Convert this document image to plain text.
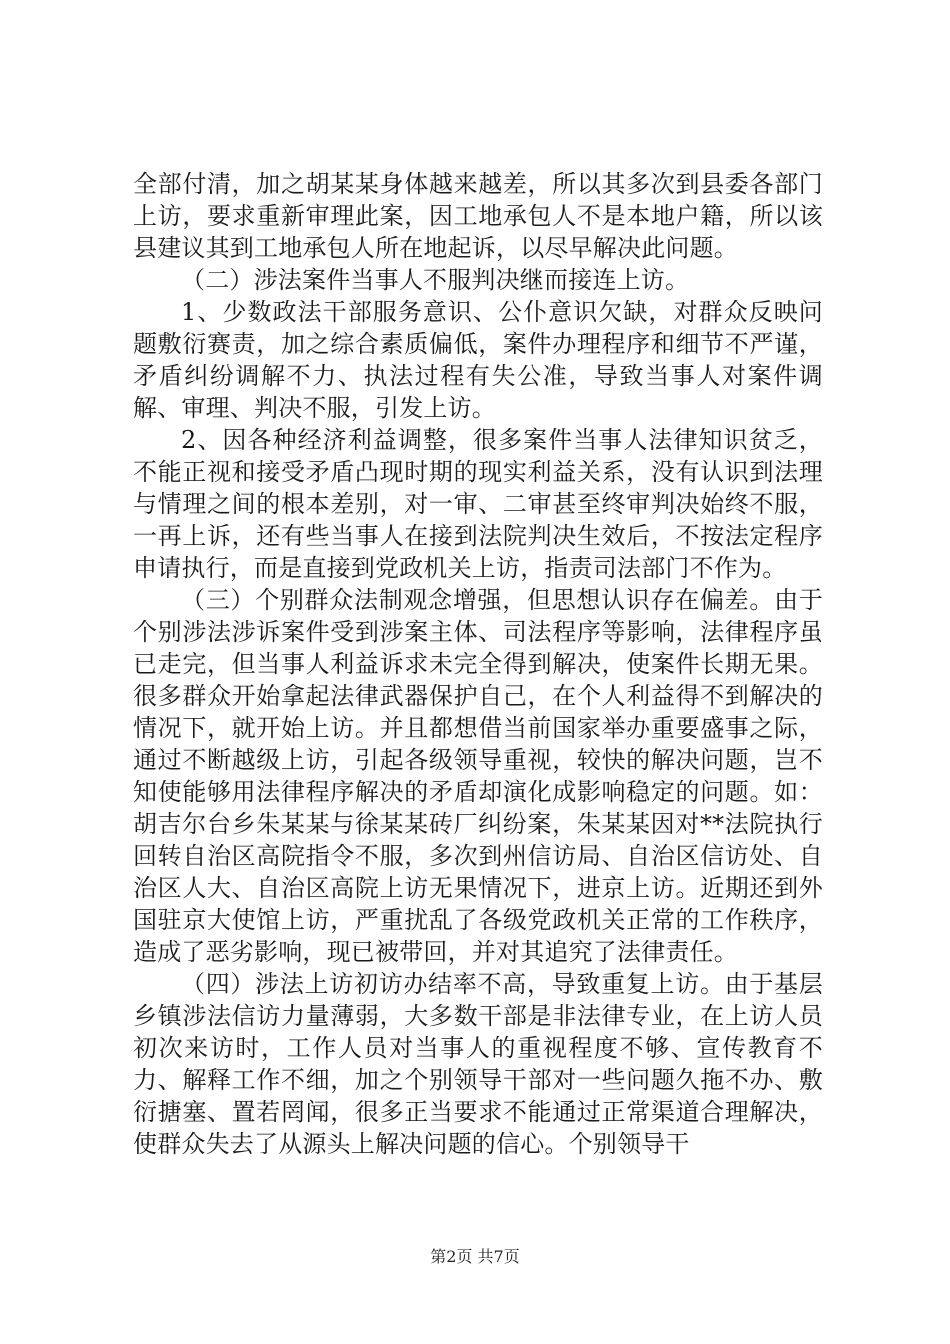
全部付清，加之胡某某身体越来越差，所以其多次到县委各部门上访，要求重新审理此案，因工地承包人不是本地户籍，所以该县建议其到工地承包人所在地起诉，以尽早解决此问题。

（二）涉法案件当事人不服判决继而接连上访。

1、少数政法干部服务意识、公仆意识欠缺，对群众反映问题敷衍赛责，加之综合素质偏低，案件办理程序和细节不严谨，矛盾纠纷调解不力、执法过程有失公准，导致当事人对案件调解、审理、判决不服，引发上访。

2、因各种经济利益调整，很多案件当事人法律知识贫乏，不能正视和接受矛盾凸现时期的现实利益关系，没有认识到法理与情理之间的根本差别，对一审、二审甚至终审判决始终不服，一再上诉，还有些当事人在接到法院判决生效后，不按法定程序申请执行，而是直接到党政机关上访，指责司法部门不作为。

（三）个别群众法制观念增强，但思想认识存在偏差。由于个别涉法涉诉案件受到涉案主体、司法程序等影响，法律程序虽已走完，但当事人利益诉求未完全得到解决，使案件长期无果。很多群众开始拿起法律武器保护自己，在个人利益得不到解决的情况下，就开始上访。并且都想借当前国家举办重要盛事之际，通过不断越级上访，引起各级领导重视，较快的解决问题，岂不知使能够用法律程序解决的矛盾却演化成影响稳定的问题。如：胡吉尔台乡朱某某与徐某某砖厂纠纷案，朱某某因对**法院执行回转自治区高院指令不服，多次到州信访局、自治区信访处、自治区人大、自治区高院上访无果情况下，进京上访。近期还到外国驻京大使馆上访，严重扰乱了各级党政机关正常的工作秩序，造成了恶劣影响，现已被带回，并对其追究了法律责任。

（四）涉法上访初访办结率不高，导致重复上访。由于基层乡镇涉法信访力量薄弱，大多数干部是非法律专业，在上访人员初次来访时，工作人员对当事人的重视程度不够、宣传教育不力、解释工作不细，加之个别领导干部对一些问题久拖不办、敷衍搪塞、置若罔闻，很多正当要求不能通过正常渠道合理解决，使群众失去了从源头上解决问题的信心。个别领导干

第2页 共7页
